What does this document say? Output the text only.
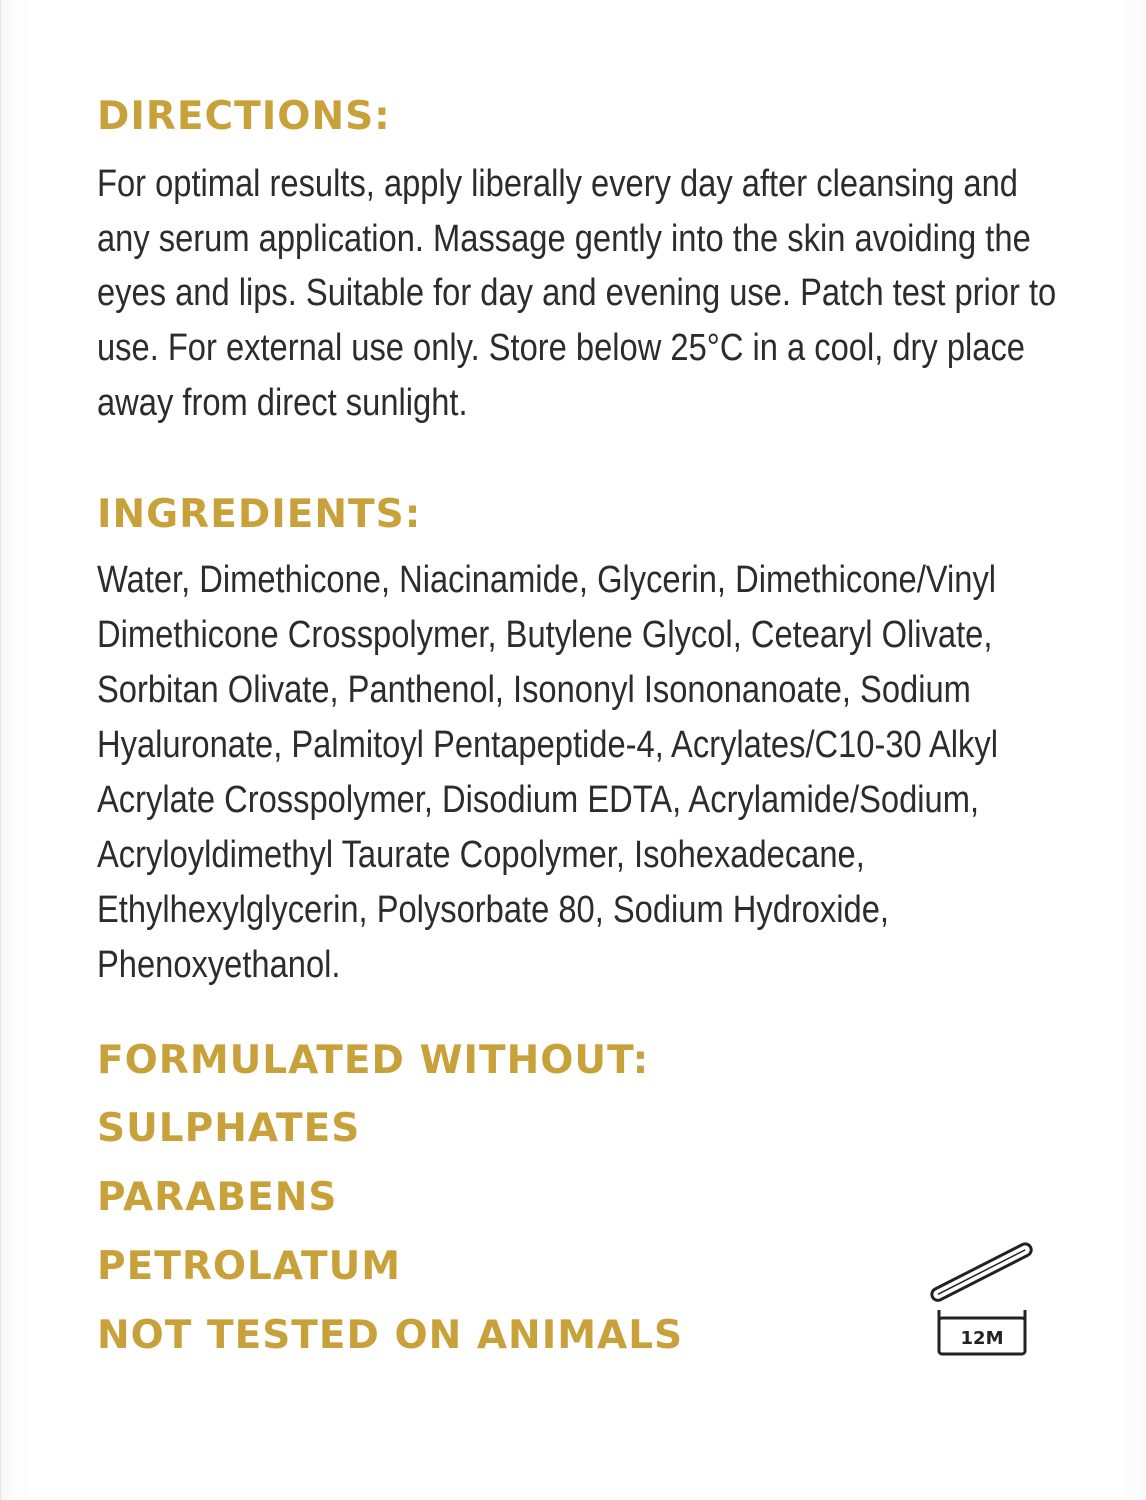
DIRECTIONS:

For optimal results, apply liberally every day after cleansing and

any serum application. Massage gently into the skin avoiding the

eyes and lips. Suitable for day and evening use. Patch test prior to

use. For external use only. Store below 25°C in a cool, dry place

away from direct sunlight.

INGREDIENTS:

Water, Dimethicone, Niacinamide, Glycerin, Dimethicone/Vinyl

Dimethicone Crosspolymer, Butylene Glycol, Cetearyl Olivate,

Sorbitan Olivate, Panthenol, Isononyl Isononanoate, Sodium

Hyaluronate, Palmitoyl Pentapeptide-4, Acrylates/C10-30 Alkyl

Acrylate Crosspolymer, Disodium EDTA, Acrylamide/Sodium,

Acryloyldimethyl Taurate Copolymer, Isohexadecane,

Ethylhexylglycerin, Polysorbate 80, Sodium Hydroxide,

Phenoxyethanol.

FORMULATED WITHOUT:

SULPHATES

PARABENS

PETROLATUM

NOT TESTED ON ANIMALS	12M
